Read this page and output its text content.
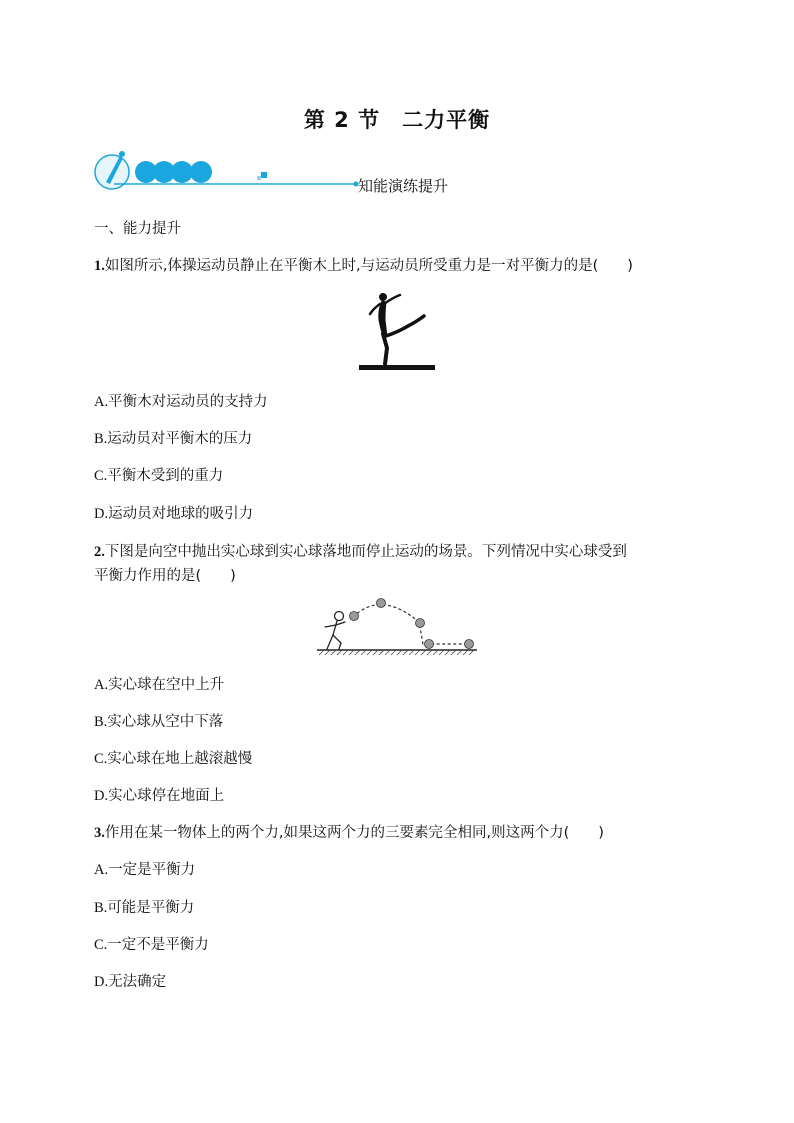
第 2 节 二力平衡
知能演练提升
一、能力提升
1.如图所示,体操运动员静止在平衡木上时,与运动员所受重力是一对平衡力的是(　　)
A.平衡木对运动员的支持力
B.运动员对平衡木的压力
C.平衡木受到的重力
D.运动员对地球的吸引力
2.下图是向空中抛出实心球到实心球落地而停止运动的场景。下列情况中实心球受到
平衡力作用的是(　　)
A.实心球在空中上升
B.实心球从空中下落
C.实心球在地上越滚越慢
D.实心球停在地面上
3.作用在某一物体上的两个力,如果这两个力的三要素完全相同,则这两个力(　　)
A.一定是平衡力
B.可能是平衡力
C.一定不是平衡力
D.无法确定
